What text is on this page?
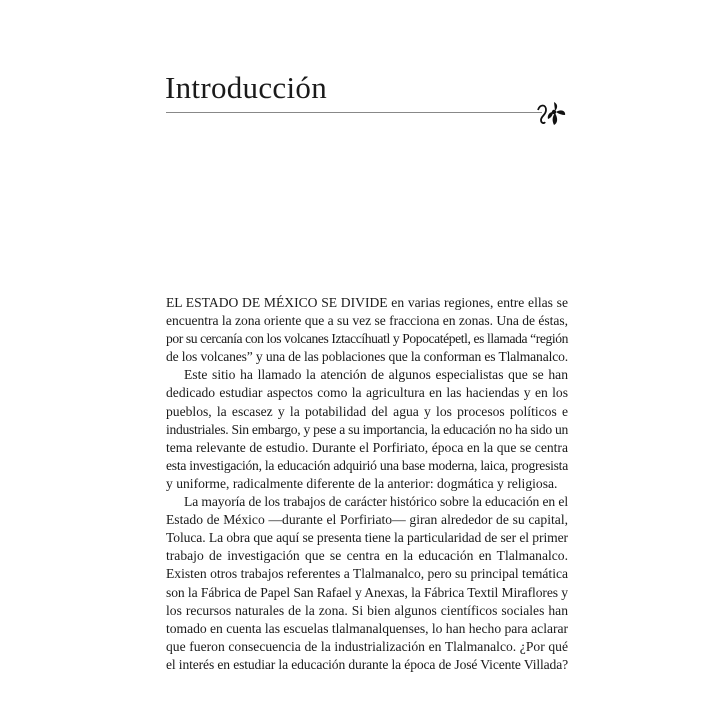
Introducción
EL ESTADO DE MÉXICO SE DIVIDE en varias regiones, entre ellas se
encuentra la zona oriente que a su vez se fracciona en zonas. Una de éstas,
por su cercanía con los volcanes Iztaccíhuatl y Popocatépetl, es llamada “región
de los volcanes” y una de las poblaciones que la conforman es Tlalmanalco.
Este sitio ha llamado la atención de algunos especialistas que se han
dedicado estudiar aspectos como la agricultura en las haciendas y en los
pueblos, la escasez y la potabilidad del agua y los procesos políticos e
industriales. Sin embargo, y pese a su importancia, la educación no ha sido un
tema relevante de estudio. Durante el Porfiriato, época en la que se centra
esta investigación, la educación adquirió una base moderna, laica, progresista
y uniforme, radicalmente diferente de la anterior: dogmática y religiosa.
La mayoría de los trabajos de carácter histórico sobre la educación en el
Estado de México —durante el Porfiriato— giran alrededor de su capital,
Toluca. La obra que aquí se presenta tiene la particularidad de ser el primer
trabajo de investigación que se centra en la educación en Tlalmanalco.
Existen otros trabajos referentes a Tlalmanalco, pero su principal temática
son la Fábrica de Papel San Rafael y Anexas, la Fábrica Textil Miraflores y
los recursos naturales de la zona. Si bien algunos científicos sociales han
tomado en cuenta las escuelas tlalmanalquenses, lo han hecho para aclarar
que fueron consecuencia de la industrialización en Tlalmanalco. ¿Por qué
el interés en estudiar la educación durante la época de José Vicente Villada?
